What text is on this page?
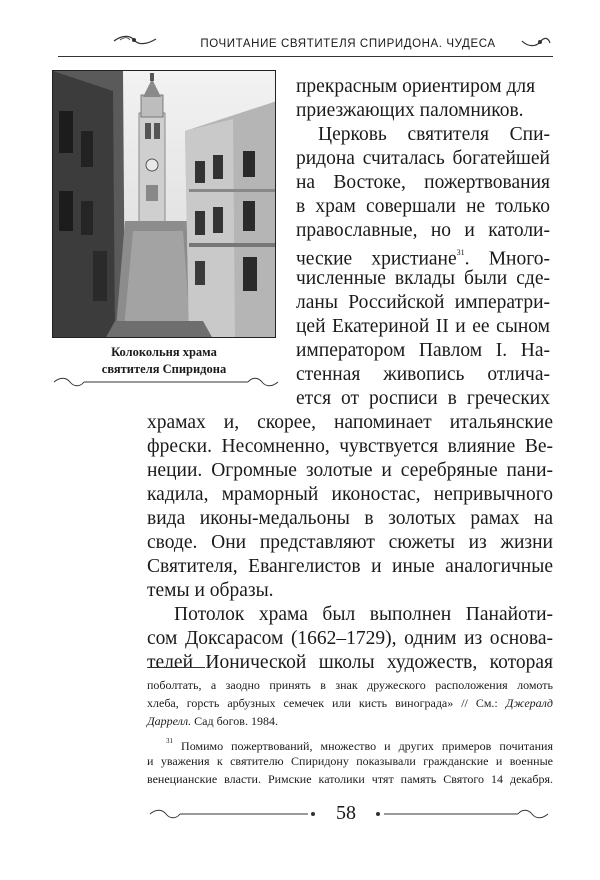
ПОЧИТАНИЕ СВЯТИТЕЛЯ СПИРИДОНА. ЧУДЕСА
Колокольня храма
святителя Спиридона
прекрасным ориентиром для
приезжающих паломников.
Церковь святителя Спи-
ридона считалась богатейшей
на Востоке, пожертвования
в храм совершали не только
православные, но и католи-
ческие христиане$^{31}$. Много-
численные вклады были сде-
ланы Российской императри-
цей Екатериной II и ее сыном
императором Павлом I. На-
стенная живопись отлича-
ется от росписи в греческих
храмах и, скорее, напоминает итальянские
фрески. Несомненно, чувствуется влияние Ве-
неции. Огромные золотые и серебряные пани-
кадила, мраморный иконостас, непривычного
вида иконы-медальоны в золотых рамах на
своде. Они представляют сюжеты из жизни
Святителя, Евангелистов и иные аналогичные
темы и образы.
Потолок храма был выполнен Панайоти-
сом Доксарасом (1662–1729), одним из основа-
телей Ионической школы художеств, которая
поболтать, а заодно принять в знак дружеского расположения ломоть
хлеба, горсть арбузных семечек или кисть винограда» // См.: Джералд
Даррелл. Сад богов. 1984.
$^{31}$ Помимо пожертвований, множество и других примеров почитания
и уважения к святителю Спиридону показывали гражданские и военные
венецианские власти. Римские католики чтят память Святого 14 декабря.
58
